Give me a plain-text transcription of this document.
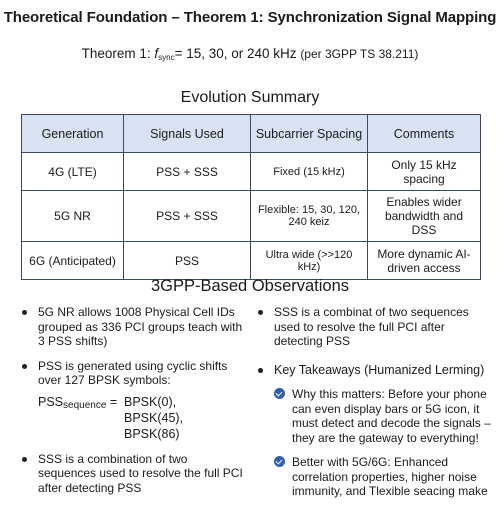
Theoretical Foundation – Theorem 1: Synchronization Signal Mapping
Theorem 1: $f_{sync}= 15$, 30, or 240 kHz (per 3GPP TS 38.211)
Evolution Summary
Generation	Signals Used	Subcarrier Spacing	Comments
4G (LTE)	PSS + SSS	Fixed (15 kHz)	Only 15 kHz spacing
5G NR	PSS + SSS	Flexible: 15, 30, 120, 240 keiz	Enables wider bandwidth and DSS
6G (Anticipated)	PSS	Ultra wide (>>120 kHz)	More dynamic AI-driven access
3GPP-Based Observations
5G NR allows 1008 Physical Cell IDs grouped as 336 PCI groups teach with 3 PSS shifts)
PSS is generated using cyclic shifts over 127 BPSK symbols:
$PSS_{sequence}$ = BPSK(0),
BPSK(45),
BPSK(86)
SSS is a combination of two sequences used to resolve the full PCI after detecting PSS
SSS is a combinat of two sequences used to resolve the full PCI after detecting PSS
Key Takeaways (Humanized Lerming)
Why this matters: Before your phone can even display bars or 5G icon, it must detect and decode the signals – they are the gateway to everything!
Better with 5G/6G: Enhanced correlation properties, higher noise immunity, and Tlexible seacing make
